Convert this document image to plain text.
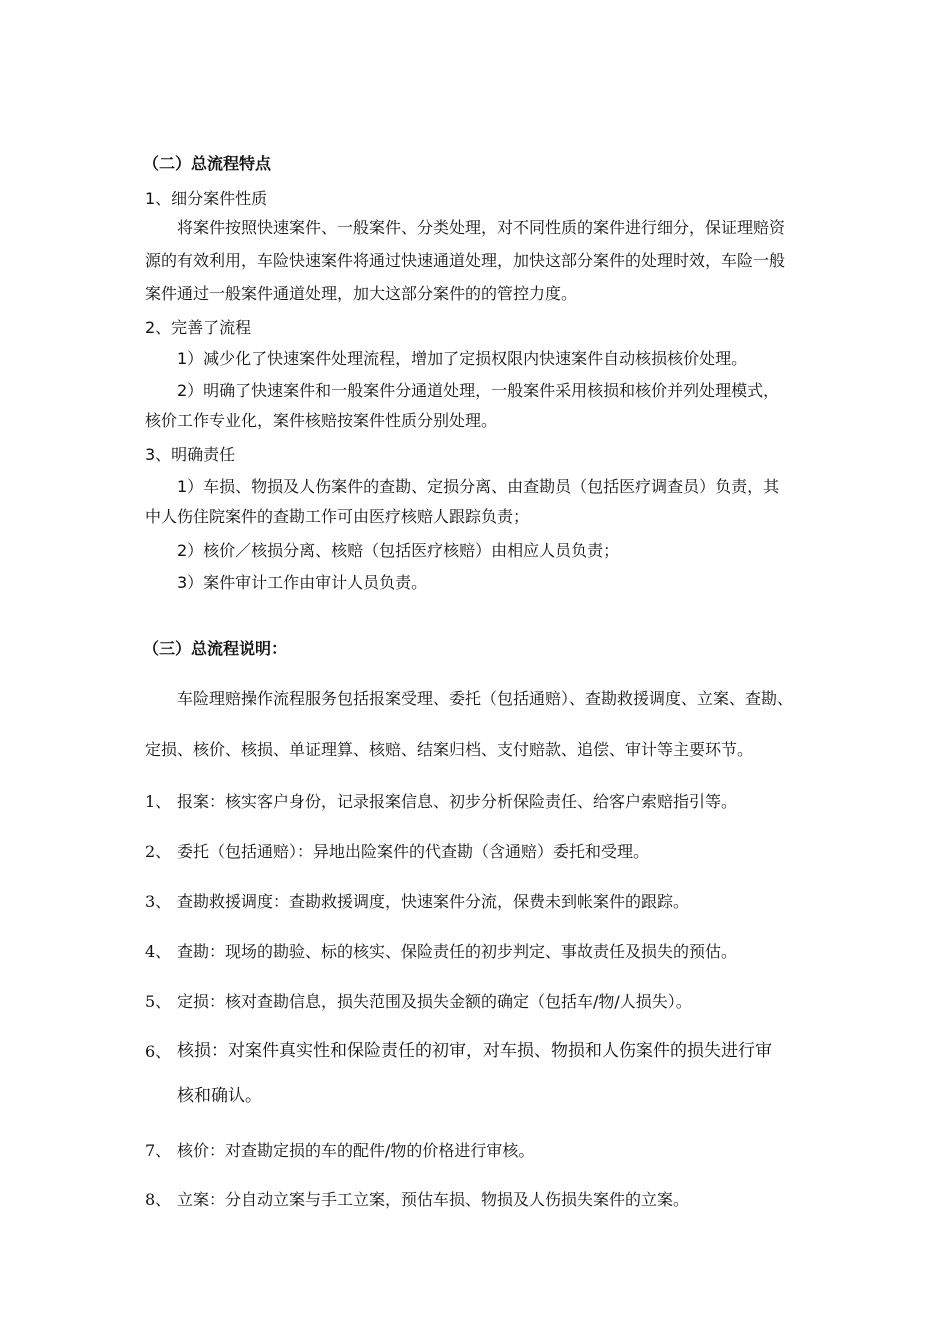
（二）总流程特点
1、细分案件性质
将案件按照快速案件、一般案件、分类处理，对不同性质的案件进行细分，保证理赔资
源的有效利用，车险快速案件将通过快速通道处理，加快这部分案件的处理时效，车险一般
案件通过一般案件通道处理，加大这部分案件的的管控力度。
2、完善了流程
1）减少化了快速案件处理流程，增加了定损权限内快速案件自动核损核价处理。
2）明确了快速案件和一般案件分通道处理，一般案件采用核损和核价并列处理模式，
核价工作专业化，案件核赔按案件性质分别处理。
3、明确责任
1）车损、物损及人伤案件的查勘、定损分离、由查勘员（包括医疗调查员）负责，其
中人伤住院案件的查勘工作可由医疗核赔人跟踪负责；
2）核价／核损分离、核赔（包括医疗核赔）由相应人员负责；
3）案件审计工作由审计人员负责。
（三）总流程说明：
车险理赔操作流程服务包括报案受理、委托（包括通赔）、查勘救援调度、立案、查勘、
定损、核价、核损、单证理算、核赔、结案归档、支付赔款、追偿、审计等主要环节。
1、 报案：核实客户身份，记录报案信息、初步分析保险责任、给客户索赔指引等。
2、 委托（包括通赔）：异地出险案件的代查勘（含通赔）委托和受理。
3、 查勘救援调度：查勘救援调度，快速案件分流，保费未到帐案件的跟踪。
4、 查勘：现场的勘验、标的核实、保险责任的初步判定、事故责任及损失的预估。
5、 定损：核对查勘信息，损失范围及损失金额的确定（包括车/物/人损失）。
6、 核损：对案件真实性和保险责任的初审，对车损、物损和人伤案件的损失进行审
核和确认。
7、 核价：对查勘定损的车的配件/物的价格进行审核。
8、 立案：分自动立案与手工立案，预估车损、物损及人伤损失案件的立案。
